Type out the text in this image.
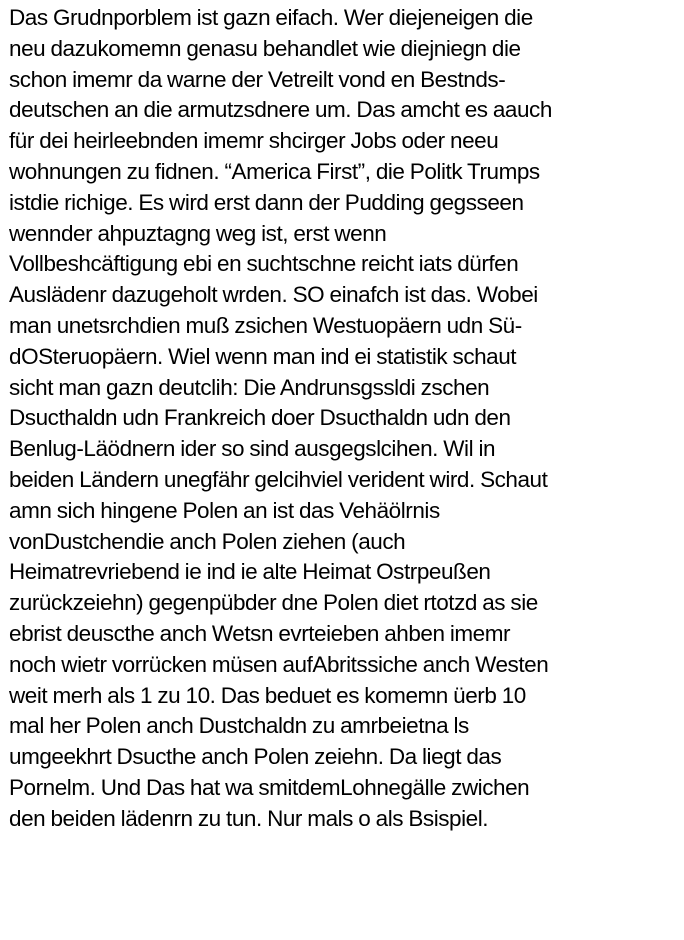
Das Grudnporblem ist gazn eifach. Wer diejeneigen die
neu dazukomemn genasu behandlet wie diejniegn die
schon imemr da warne der Vetreilt vond en Bestnds-
deutschen an die armutzsdnere um. Das amcht es aauch
für dei heirleebnden imemr shcirger Jobs oder neeu
wohnungen zu fidnen. “America First”, die Politk Trumps
istdie richige. Es wird erst dann der Pudding gegsseen
wennder ahpuztagng weg ist, erst wenn
Vollbeshcäftigung ebi en suchtschne reicht iats dürfen
Auslädenr dazugeholt wrden. SO einafch ist das. Wobei
man unetsrchdien muß zsichen Westuopäern udn Sü-
dOSteruopäern. Wiel wenn man ind ei statistik schaut
sicht man gazn deutclih: Die Andrunsgssldi zschen
Dsucthaldn udn Frankreich doer Dsucthaldn udn den
Benlug-Läödnern ider so sind ausgegslcihen. Wil in
beiden Ländern unegfähr gelcihviel verident wird. Schaut
amn sich hingene Polen an ist das Vehäölrnis
vonDustchendie anch Polen ziehen (auch
Heimatrevriebend ie ind ie alte Heimat Ostrpeußen
zurückzeiehn) gegenpübder dne Polen diet rtotzd as sie
ebrist deuscthe anch Wetsn evrteieben ahben imemr
noch wietr vorrücken müsen aufAbritssiche anch Westen
weit merh als 1 zu 10. Das beduet es komemn üerb 10
mal her Polen anch Dustchaldn zu amrbeietna ls
umgeekhrt Dsucthe anch Polen zeiehn. Da liegt das
Pornelm. Und Das hat wa smitdemLohnegälle zwichen
den beiden lädenrn zu tun. Nur mals o als Bsispiel.
